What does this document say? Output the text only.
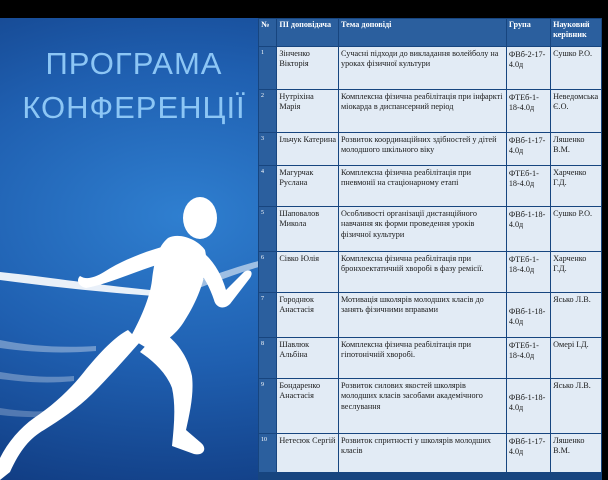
ПРОГРАМА
КОНФЕРЕНЦІЇ
№	ПІ доповідача	Тема доповіді	Група	Науковий керівник
1	Зінченко Вікторія	Сучасні підходи до викладання волейболу на уроках фізичної культури	ФВб-2-17-4.0д	Сушко Р.О.
2	Нутріхіна Марія	Комплексна фізична реабілітація при інфаркті міокарда в диспансерний період	ФТЕб-1-18-4.0д	Неведомська Є.О.
3	Ільчук Катерина	Розвиток координаційних здібностей у дітей молодшого шкільного віку	ФВб-1-17-4.0д	Ляшенко В.М.
4	Магурчак Руслана	Комплексна фізична реабілітація при пневмонії на стаціонарному етапі	ФТЕб-1-18-4.0д	Харченко Г.Д.
5	Шаповалов Микола	Особливості організації дистанційного навчання як форми проведення уроків фізичної культури	ФВб-1-18-4.0д	Сушко Р.О.
6	Сівко Юлія	Комплексна фізична реабілітація при бронхоектатичній хворобі в фазу ремісії.	ФТЕб-1-18-4.0д	Харченко Г.Д.
7	Городнюк Анастасія	Мотивація школярів молодших класів до занять фізичними вправами	ФВб-1-18-4.0д	Ясько Л.В.
8	Шавлюк Альбіна	Комплексна фізична реабілітація при гіпотонічній хворобі.	ФТЕб-1-18-4.0д	Омері І.Д.
9	Бондаренко Анастасія	Розвиток силових якостей школярів молодших класів засобами академічного веслування	ФВб-1-18-4.0д	Ясько Л.В.
10	Нетесюк Сергій	Розвиток спритності у школярів молодших класів	ФВб-1-17-4.0д	Ляшенко В.М.
